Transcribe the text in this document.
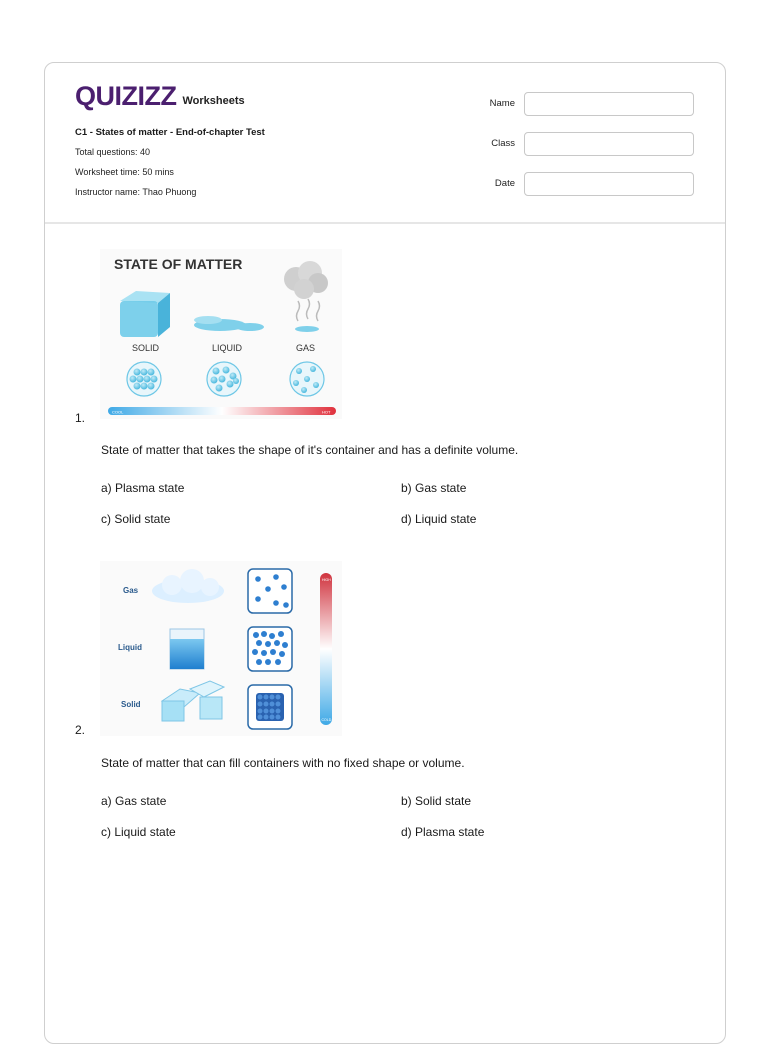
QUIZIZZ Worksheets
C1 - States of matter - End-of-chapter Test
Total questions: 40
Worksheet time: 50 mins
Instructor name: Thao Phuong
Name
Class
Date
STATE OF MATTER
SOLID	LIQUID	GAS
COOL	HOT
1.
State of matter that takes the shape of it's container and has a definite volume.
a) Plasma state	b) Gas state
c) Solid state	d) Liquid state
Gas
Liquid
Solid
HIGH
COLD
2.
State of matter that can fill containers with no fixed shape or volume.
a) Gas state	b) Solid state
c) Liquid state	d) Plasma state
